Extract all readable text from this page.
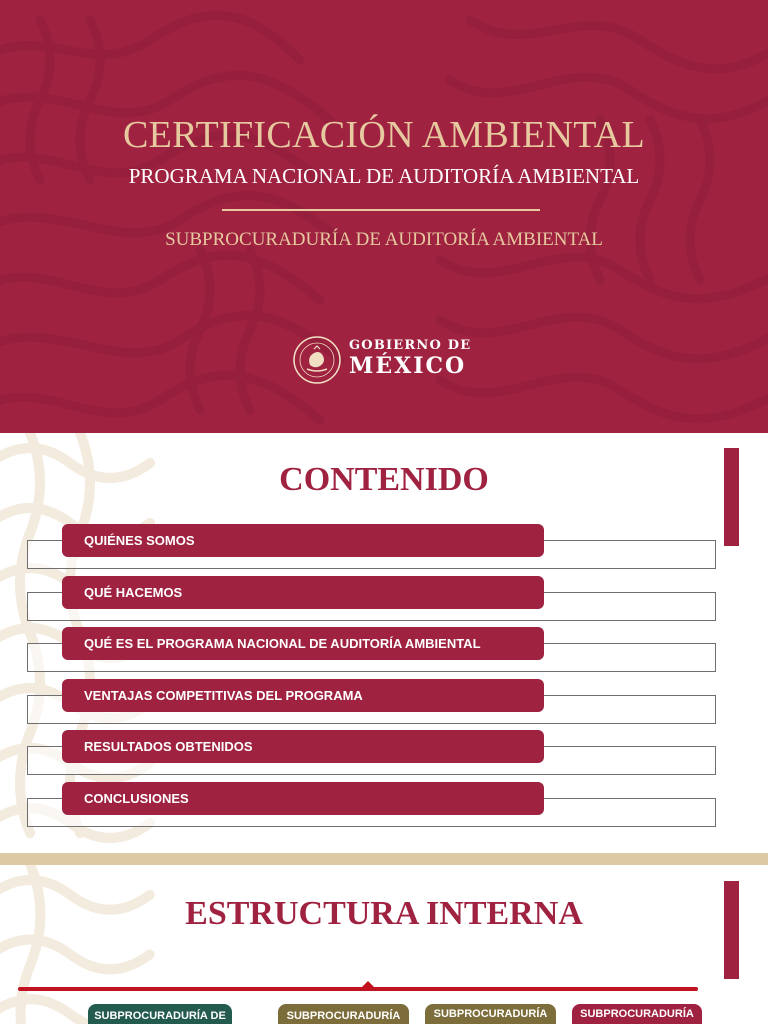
CERTIFICACIÓN AMBIENTAL
PROGRAMA NACIONAL DE AUDITORÍA AMBIENTAL
SUBPROCURADURÍA DE AUDITORÍA AMBIENTAL
GOBIERNO DE
MÉXICO
CONTENIDO
QUIÉNES SOMOS
QUÉ HACEMOS
QUÉ ES EL PROGRAMA NACIONAL DE AUDITORÍA AMBIENTAL
VENTAJAS COMPETITIVAS DEL PROGRAMA
RESULTADOS OBTENIDOS
CONCLUSIONES
ESTRUCTURA INTERNA
SUBPROCURADURÍA DE	SUBPROCURADURÍA	SUBPROCURADURÍA	SUBPROCURADURÍA
